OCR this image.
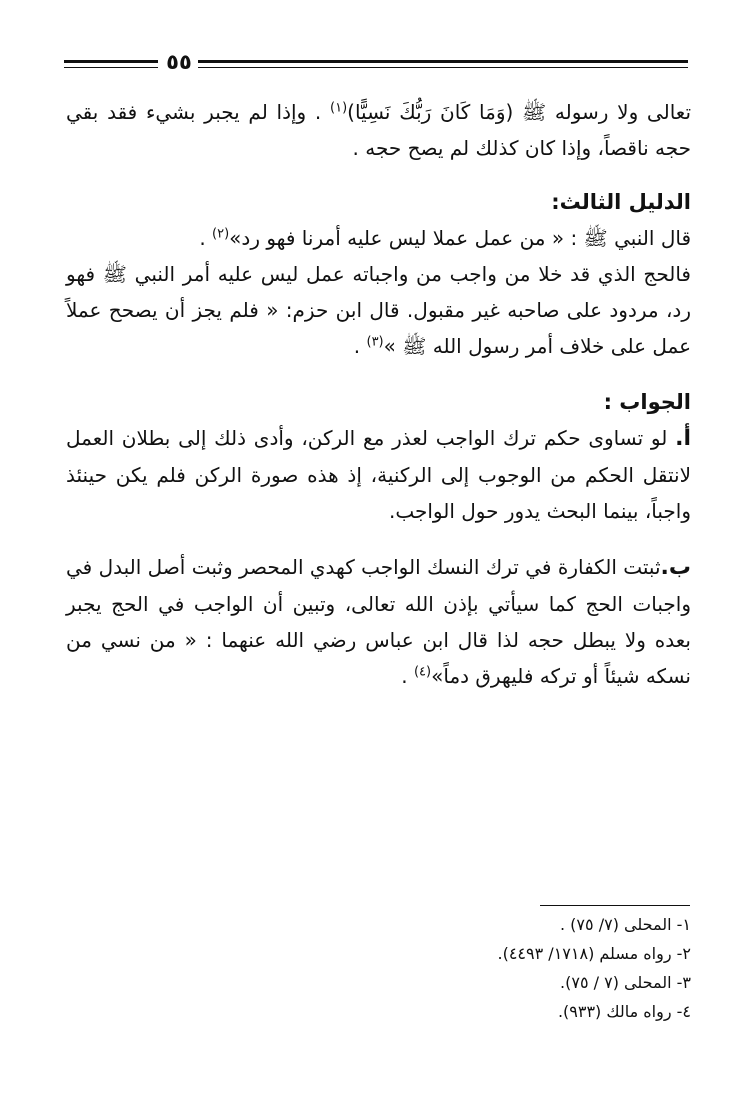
٥٥

تعالى ولا رسوله ﷺ (وَمَا كَانَ رَبُّكَ نَسِيًّا)$^{(١)}$ . وإذا لم يجبر بشيء فقد بقي حجه ناقصاً، وإذا كان كذلك لم يصح حجه .

الدليل الثالث:

قال النبي ﷺ : « من عمل عملا ليس عليه أمرنا فهو رد»$^{(٢)}$ .

فالحج الذي قد خلا من واجب من واجباته عمل ليس عليه أمر النبي ﷺ فهو رد، مردود على صاحبه غير مقبول. قال ابن حزم: « فلم يجز أن يصحح عملاً عمل على خلاف أمر رسول الله ﷺ »$^{(٣)}$ .

الجواب :

أ. لو تساوى حكم ترك الواجب لعذر مع الركن، وأدى ذلك إلى بطلان العمل لانتقل الحكم من الوجوب إلى الركنية، إذ هذه صورة الركن فلم يكن حينئذ واجباً، بينما البحث يدور حول الواجب.

ب.ثبتت الكفارة في ترك النسك الواجب كهدي المحصر وثبت أصل البدل في واجبات الحج كما سيأتي بإذن الله تعالى، وتبين أن الواجب في الحج يجبر بعده ولا يبطل حجه لذا قال ابن عباس رضي الله عنهما : « من نسي من نسكه شيئاً أو تركه فليهرق دماً»$^{(٤)}$ .

١- المحلى (٧/ ٧٥) .

٢- رواه مسلم (١٧١٨/ ٤٤٩٣).

٣- المحلى (٧ / ٧٥).

٤- رواه مالك (٩٣٣).
